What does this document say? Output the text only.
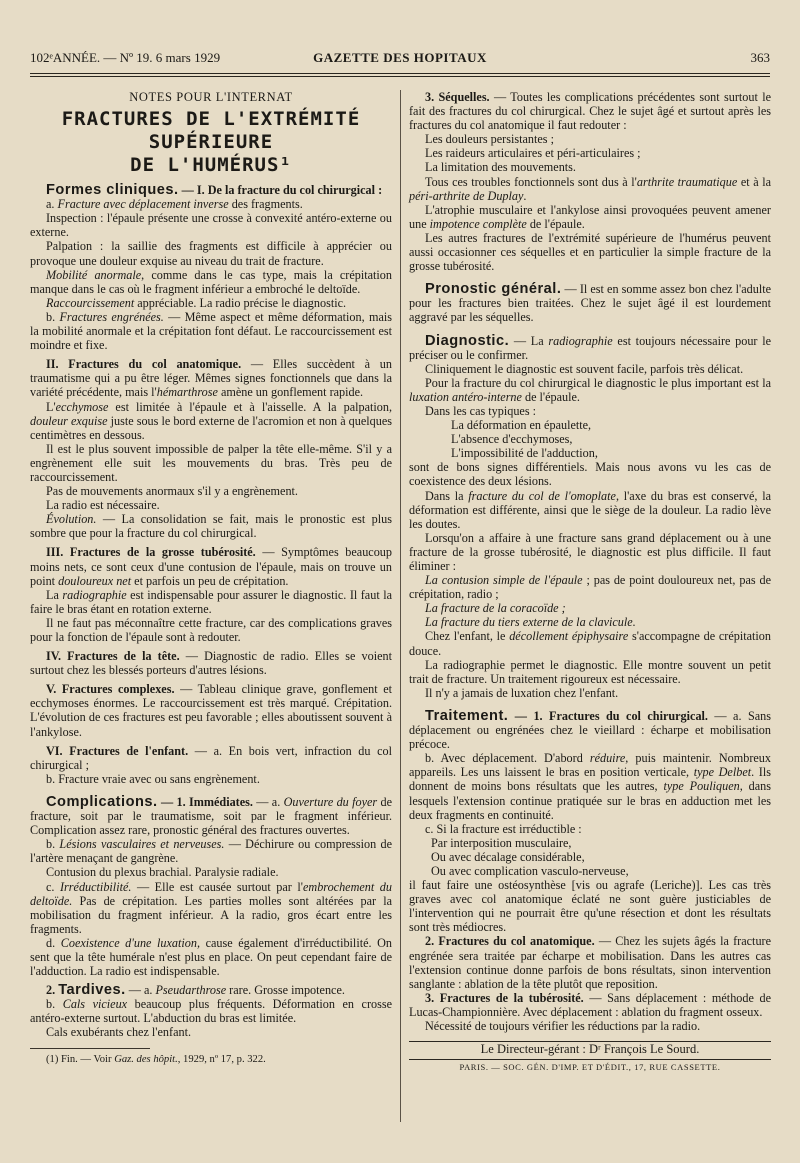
102ᵉANNÉE. — Nº 19. 6 mars 1929	GAZETTE DES HOPITAUX	363

NOTES POUR L'INTERNAT

FRACTURES DE L'EXTRÉMITÉ SUPÉRIEURE
DE L'HUMÉRUS¹

Formes cliniques. — I. De la fracture du col chirurgical :

a. Fracture avec déplacement inverse des fragments.

Inspection : l'épaule présente une crosse à convexité antéro-externe ou externe.

Palpation : la saillie des fragments est difficile à apprécier ou provoque une douleur exquise au niveau du trait de fracture.

Mobilité anormale, comme dans le cas type, mais la crépitation manque dans le cas où le fragment inférieur a embroché le deltoïde.

Raccourcissement appréciable. La radio précise le diagnostic.

b. Fractures engrénées. — Même aspect et même déformation, mais la mobilité anormale et la crépitation font défaut. Le raccourcissement est moindre et fixe.

II. Fractures du col anatomique. — Elles succèdent à un traumatisme qui a pu être léger. Mêmes signes fonctionnels que dans la variété précédente, mais l'hémarthrose amène un gonflement rapide.

L'ecchymose est limitée à l'épaule et à l'aisselle. A la palpation, douleur exquise juste sous le bord externe de l'acromion et non à quelques centimètres en dessous.

Il est le plus souvent impossible de palper la tête elle-même. S'il y a engrènement elle suit les mouvements du bras. Très peu de raccourcissement.

Pas de mouvements anormaux s'il y a engrènement.

La radio est nécessaire.

Évolution. — La consolidation se fait, mais le pronostic est plus sombre que pour la fracture du col chirurgical.

III. Fractures de la grosse tubérosité. — Symptômes beaucoup moins nets, ce sont ceux d'une contusion de l'épaule, mais on trouve un point douloureux net et parfois un peu de crépitation.

La radiographie est indispensable pour assurer le diagnostic. Il faut la faire le bras étant en rotation externe.

Il ne faut pas méconnaître cette fracture, car des complications graves pour la fonction de l'épaule sont à redouter.

IV. Fractures de la tête. — Diagnostic de radio. Elles se voient surtout chez les blessés porteurs d'autres lésions.

V. Fractures complexes. — Tableau clinique grave, gonflement et ecchymoses énormes. Le raccourcissement est très marqué. Crépitation. L'évolution de ces fractures est peu favorable ; elles aboutissent souvent à l'ankylose.

VI. Fractures de l'enfant. — a. En bois vert, infraction du col chirurgical ;

b. Fracture vraie avec ou sans engrènement.

Complications. — 1. Immédiates. — a. Ouverture du foyer de fracture, soit par le traumatisme, soit par le fragment inférieur. Complication assez rare, pronostic général des fractures ouvertes.

b. Lésions vasculaires et nerveuses. — Déchirure ou compression de l'artère menaçant de gangrène.

Contusion du plexus brachial. Paralysie radiale.

c. Irréductibilité. — Elle est causée surtout par l'embrochement du deltoïde. Pas de crépitation. Les parties molles sont altérées par la mobilisation du fragment inférieur. A la radio, gros écart entre les fragments.

d. Coexistence d'une luxation, cause également d'irréductibilité. On sent que la tête humérale n'est plus en place. On peut cependant faire de l'adduction. La radio est indispensable.

2. Tardives. — a. Pseudarthrose rare. Grosse impotence.

b. Cals vicieux beaucoup plus fréquents. Déformation en crosse antéro-externe surtout. L'abduction du bras est limitée.

Cals exubérants chez l'enfant.

(1) Fin. — Voir Gaz. des hôpit., 1929, nº 17, p. 322.

3. Séquelles. — Toutes les complications précédentes sont surtout le fait des fractures du col chirurgical. Chez le sujet âgé et surtout après les fractures du col anatomique il faut redouter :

Les douleurs persistantes ;

Les raideurs articulaires et péri-articulaires ;

La limitation des mouvements.

Tous ces troubles fonctionnels sont dus à l'arthrite traumatique et à la péri-arthrite de Duplay.

L'atrophie musculaire et l'ankylose ainsi provoquées peuvent amener une impotence complète de l'épaule.

Les autres fractures de l'extrémité supérieure de l'humérus peuvent aussi occasionner ces séquelles et en particulier la simple fracture de la grosse tubérosité.

Pronostic général. — Il est en somme assez bon chez l'adulte pour les fractures bien traitées. Chez le sujet âgé il est lourdement aggravé par les séquelles.

Diagnostic. — La radiographie est toujours nécessaire pour le préciser ou le confirmer.

Cliniquement le diagnostic est souvent facile, parfois très délicat.

Pour la fracture du col chirurgical le diagnostic le plus important est la luxation antéro-interne de l'épaule.

Dans les cas typiques :

La déformation en épaulette,

L'absence d'ecchymoses,

L'impossibilité de l'adduction,

sont de bons signes différentiels. Mais nous avons vu les cas de coexistence des deux lésions.

Dans la fracture du col de l'omoplate, l'axe du bras est conservé, la déformation est différente, ainsi que le siège de la douleur. La radio lève les doutes.

Lorsqu'on a affaire à une fracture sans grand déplacement ou à une fracture de la grosse tubérosité, le diagnostic est plus difficile. Il faut éliminer :

La contusion simple de l'épaule ; pas de point douloureux net, pas de crépitation, radio ;

La fracture de la coracoïde ;

La fracture du tiers externe de la clavicule.

Chez l'enfant, le décollement épiphysaire s'accompagne de crépitation douce.

La radiographie permet le diagnostic. Elle montre souvent un petit trait de fracture. Un traitement rigoureux est nécessaire.

Il n'y a jamais de luxation chez l'enfant.

Traitement. — 1. Fractures du col chirurgical. — a. Sans déplacement ou engrénées chez le vieillard : écharpe et mobilisation précoce.

b. Avec déplacement. D'abord réduire, puis maintenir. Nombreux appareils. Les uns laissent le bras en position verticale, type Delbet. Ils donnent de moins bons résultats que les autres, type Pouliquen, dans lesquels l'extension continue pratiquée sur le bras en adduction met les deux fragments en continuité.

c. Si la fracture est irréductible :

Par interposition musculaire,

Ou avec décalage considérable,

Ou avec complication vasculo-nerveuse,

il faut faire une ostéosynthèse [vis ou agrafe (Leriche)]. Les cas très graves avec col anatomique éclaté ne sont guère justiciables de l'intervention qui ne pourrait être qu'une résection et dont les résultats sont très médiocres.

2. Fractures du col anatomique. — Chez les sujets âgés la fracture engrénée sera traitée par écharpe et mobilisation. Dans les autres cas l'extension continue donne parfois de bons résultats, sinon intervention sanglante : ablation de la tête plutôt que reposition.

3. Fractures de la tubérosité. — Sans déplacement : méthode de Lucas-Championnière. Avec déplacement : ablation du fragment osseux.

Nécessité de toujours vérifier les réductions par la radio.

Le Directeur-gérant : Dʳ François Le Sourd.

PARIS. — SOC. GÉN. D'IMP. ET D'ÉDIT., 17, RUE CASSETTE.
